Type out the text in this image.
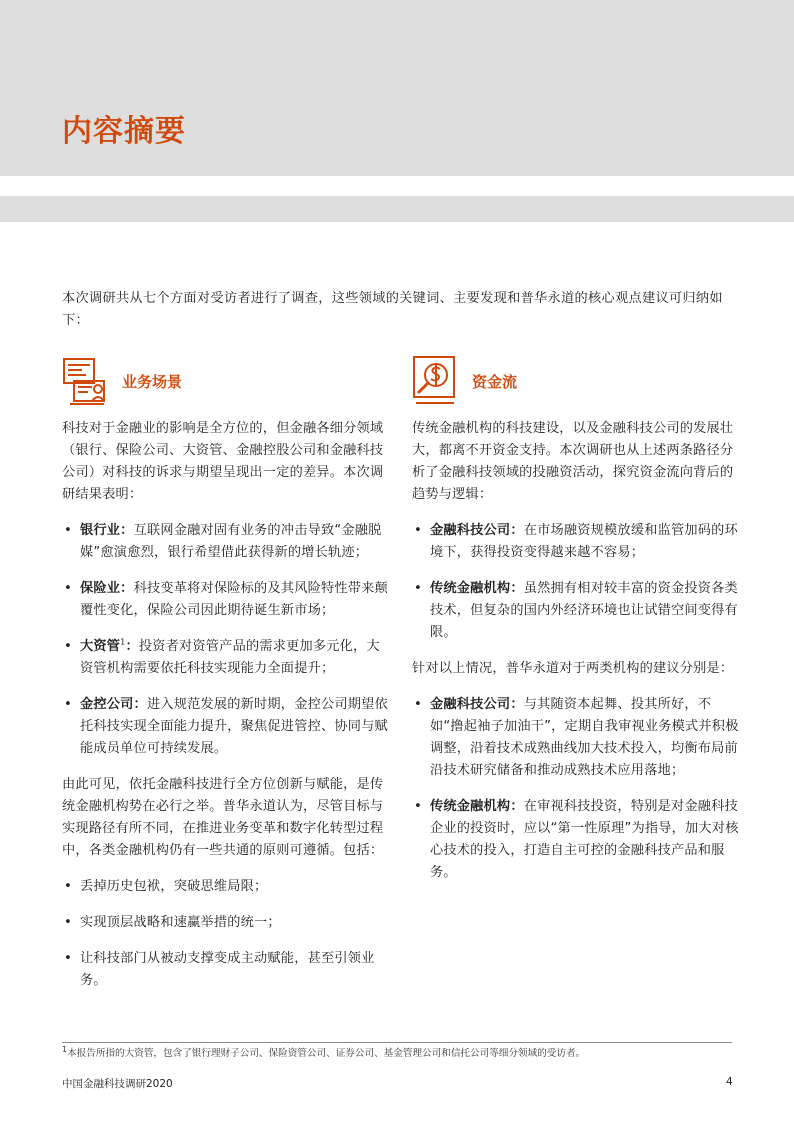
内容摘要
本次调研共从七个方面对受访者进行了调查，这些领域的关键词、主要发现和普华永道的核心观点建议可归纳如下：
业务场景
科技对于金融业的影响是全方位的，但金融各细分领域（银行、保险公司、大资管、金融控股公司和金融科技公司）对科技的诉求与期望呈现出一定的差异。本次调研结果表明：
• 银行业：互联网金融对固有业务的冲击导致“金融脱媒”愈演愈烈，银行希望借此获得新的增长轨迹；
• 保险业：科技变革将对保险标的及其风险特性带来颠覆性变化，保险公司因此期待诞生新市场；
• 大资管$^1$：投资者对资管产品的需求更加多元化，大资管机构需要依托科技实现能力全面提升；
• 金控公司：进入规范发展的新时期，金控公司期望依托科技实现全面能力提升，聚焦促进管控、协同与赋能成员单位可持续发展。
由此可见，依托金融科技进行全方位创新与赋能，是传统金融机构势在必行之举。普华永道认为，尽管目标与实现路径有所不同，在推进业务变革和数字化转型过程中，各类金融机构仍有一些共通的原则可遵循。包括：
• 丢掉历史包袱，突破思维局限；
• 实现顶层战略和速赢举措的统一；
• 让科技部门从被动支撑变成主动赋能，甚至引领业务。
资金流
传统金融机构的科技建设，以及金融科技公司的发展壮大，都离不开资金支持。本次调研也从上述两条路径分析了金融科技领域的投融资活动，探究资金流向背后的趋势与逻辑：
• 金融科技公司：在市场融资规模放缓和监管加码的环境下，获得投资变得越来越不容易；
• 传统金融机构：虽然拥有相对较丰富的资金投资各类技术，但复杂的国内外经济环境也让试错空间变得有限。
针对以上情况，普华永道对于两类机构的建议分别是：
• 金融科技公司：与其随资本起舞、投其所好，不如“撸起袖子加油干”，定期自我审视业务模式并积极调整，沿着技术成熟曲线加大技术投入，均衡布局前沿技术研究储备和推动成熟技术应用落地；
• 传统金融机构：在审视科技投资，特别是对金融科技企业的投资时，应以“第一性原理”为指导，加大对核心技术的投入，打造自主可控的金融科技产品和服务。
$^1$本报告所指的大资管，包含了银行理财子公司、保险资管公司、证券公司、基金管理公司和信托公司等细分领域的受访者。
中国金融科技调研2020	4
